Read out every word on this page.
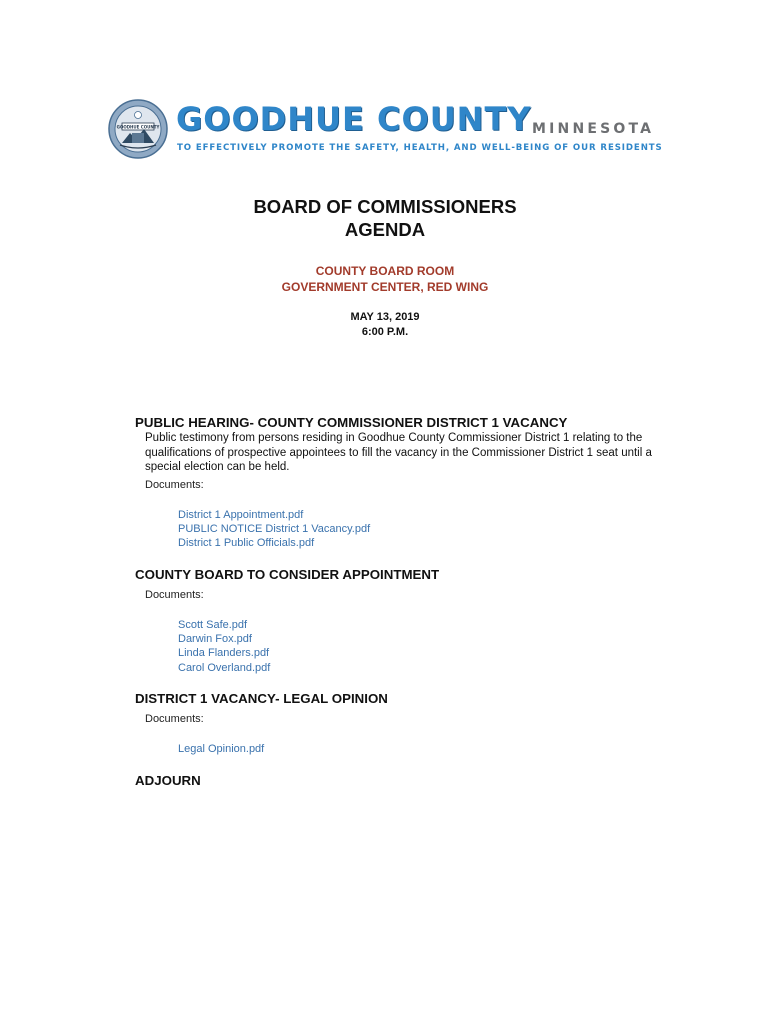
GOODHUE COUNTY GOODHUE COUNTY MINNESOTA
TO EFFECTIVELY PROMOTE THE SAFETY, HEALTH, AND WELL-BEING OF OUR RESIDENTS
BOARD OF COMMISSIONERS
AGENDA
COUNTY BOARD ROOM
GOVERNMENT CENTER, RED WING
MAY 13, 2019
6:00 P.M.
PUBLIC HEARING- COUNTY COMMISSIONER DISTRICT 1 VACANCY
Public testimony from persons residing in Goodhue County Commissioner District 1 relating to the qualifications of prospective appointees to fill the vacancy in the Commissioner District 1 seat until a special election can be held.
Documents:
District 1 Appointment.pdf
PUBLIC NOTICE District 1 Vacancy.pdf
District 1 Public Officials.pdf
COUNTY BOARD TO CONSIDER APPOINTMENT
Documents:
Scott Safe.pdf
Darwin Fox.pdf
Linda Flanders.pdf
Carol Overland.pdf
DISTRICT 1 VACANCY- LEGAL OPINION
Documents:
Legal Opinion.pdf
ADJOURN
